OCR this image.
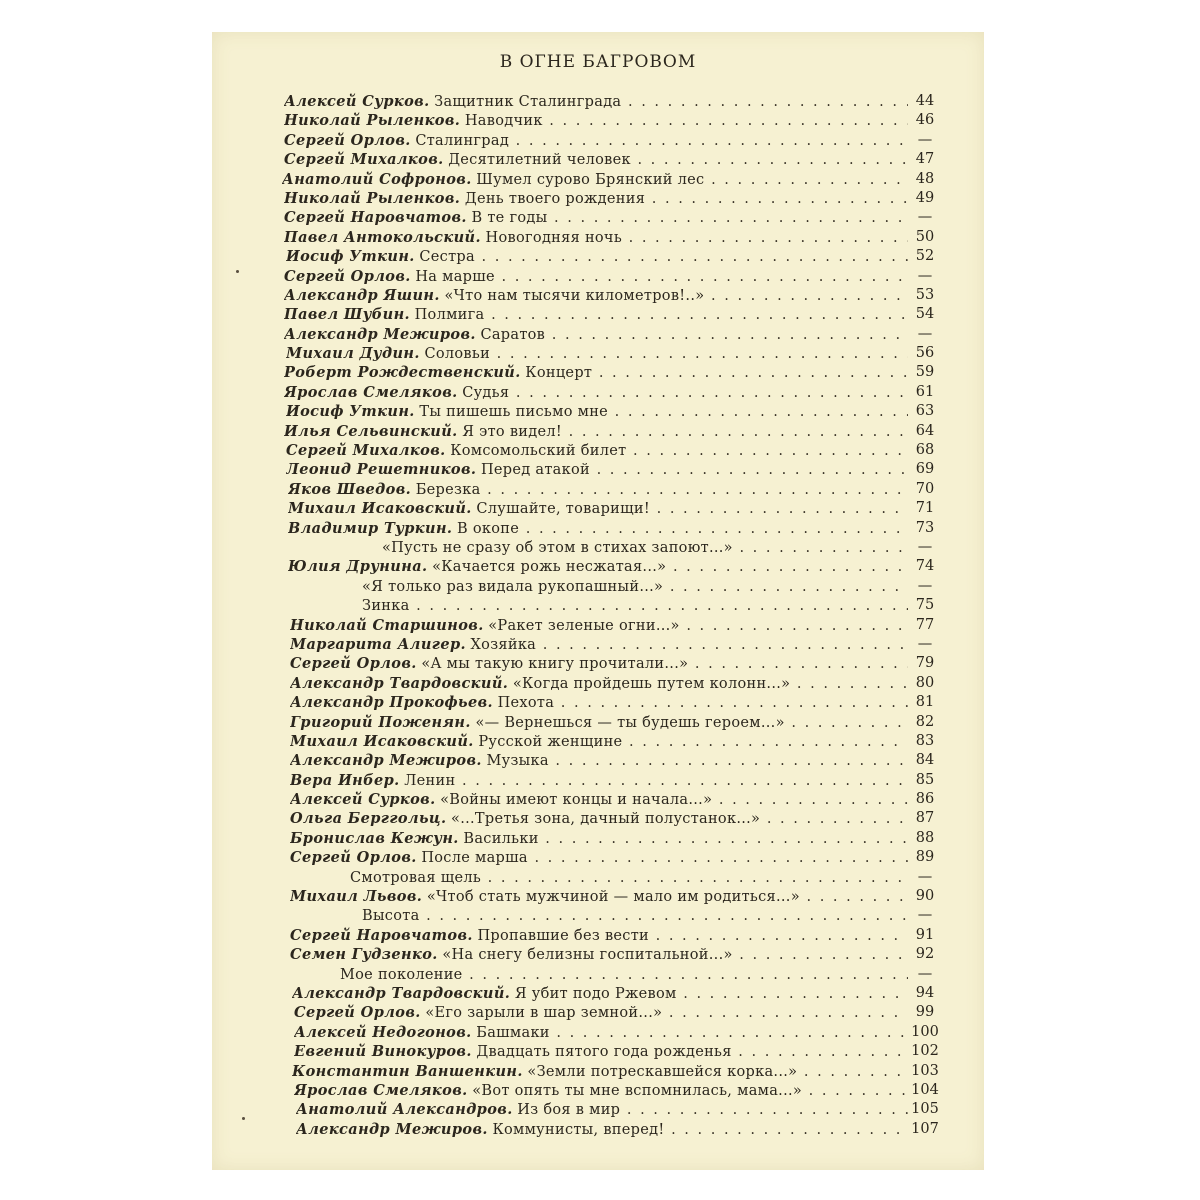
В ОГНЕ БАГРОВОМ
Алексей Сурков. Защитник Сталинграда . . .	44
Николай Рыленков. Наводчик . . .	46
Сергей Орлов. Сталинград . . .	—
Сергей Михалков. Десятилетний человек . . .	47
Анатолий Софронов. Шумел сурово Брянский лес . . .	48
Николай Рыленков. День твоего рождения . . .	49
Сергей Наровчатов. В те годы . . .	—
Павел Антокольский. Новогодняя ночь . . .	50
Иосиф Уткин. Сестра . . .	52
Сергей Орлов. На марше . . .	—
Александр Яшин. «Что нам тысячи километров!..» . . .	53
Павел Шубин. Полмига . . .	54
Александр Межиров. Саратов . . .	—
Михаил Дудин. Соловьи . . .	56
Роберт Рождественский. Концерт . . .	59
Ярослав Смеляков. Судья . . .	61
Иосиф Уткин. Ты пишешь письмо мне . . .	63
Илья Сельвинский. Я это видел! . . .	64
Сергей Михалков. Комсомольский билет . . .	68
Леонид Решетников. Перед атакой . . .	69
Яков Шведов. Березка . . .	70
Михаил Исаковский. Слушайте, товарищи! . . .	71
Владимир Туркин. В окопе . . .	73
«Пусть не сразу об этом в стихах запоют...» . . .	—
Юлия Друнина. «Качается рожь несжатая...» . . .	74
«Я только раз видала рукопашный...» . . .	—
Зинка . . .	75
Николай Старшинов. «Ракет зеленые огни...» . . .	77
Маргарита Алигер. Хозяйка . . .	—
Сергей Орлов. «А мы такую книгу прочитали...» . . .	79
Александр Твардовский. «Когда пройдешь путем колонн...» . . .	80
Александр Прокофьев. Пехота . . .	81
Григорий Поженян. «— Вернешься — ты будешь героем...» . . .	82
Михаил Исаковский. Русской женщине . . .	83
Александр Межиров. Музыка . . .	84
Вера Инбер. Ленин . . .	85
Алексей Сурков. «Войны имеют концы и начала...» . . .	86
Ольга Берггольц. «...Третья зона, дачный полустанок...» . . .	87
Бронислав Кежун. Васильки . . .	88
Сергей Орлов. После марша . . .	89
Смотровая щель . . .	—
Михаил Львов. «Чтоб стать мужчиной — мало им родиться...» . . .	90
Высота . . .	—
Сергей Наровчатов. Пропавшие без вести . . .	91
Семен Гудзенко. «На снегу белизны госпитальной...» . . .	92
Мое поколение . . .	—
Александр Твардовский. Я убит подо Ржевом . . .	94
Сергей Орлов. «Его зарыли в шар земной...» . . .	99
Алексей Недогонов. Башмаки . . .	100
Евгений Винокуров. Двадцать пятого года рожденья . . .	102
Константин Ваншенкин. «Земли потрескавшейся корка...» . . .	103
Ярослав Смеляков. «Вот опять ты мне вспомнилась, мама...» . . .	104
Анатолий Александров. Из боя в мир . . .	105
Александр Межиров. Коммунисты, вперед! . . .	107
